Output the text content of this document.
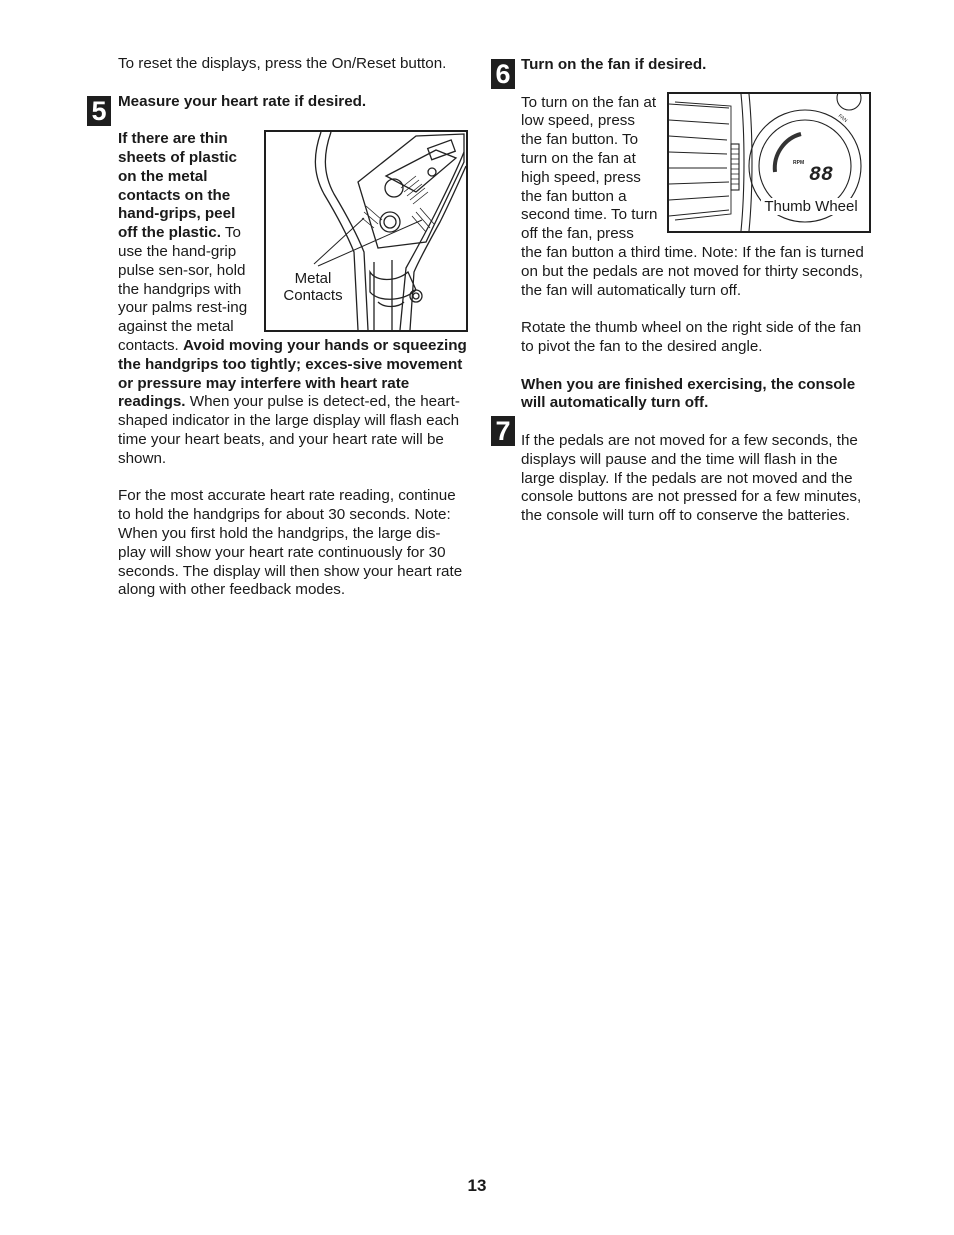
5
6
7

To reset the displays, press the On/Reset button.

Measure your heart rate if desired.

Metal
Contacts

If there are thin sheets of plastic on the metal contacts on the hand-grips, peel off the plastic. To use the hand-grip pulse sen-sor, hold the handgrips with your palms rest-ing against the metal contacts. Avoid moving your hands or squeezing the handgrips too tightly; exces-sive movement or pressure may interfere with heart rate readings. When your pulse is detect-ed, the heart-shaped indicator in the large display will flash each time your heart beats, and your heart rate will be shown.

For the most accurate heart rate reading, continue to hold the handgrips for about 30 seconds. Note: When you first hold the handgrips, the large dis-play will show your heart rate continuously for 30 seconds. The display will then show your heart rate along with other feedback modes.

Turn on the fan if desired.

RPM
88
FAN
Thumb Wheel

To turn on the fan at low speed, press the fan button. To turn on the fan at high speed, press the fan button a second time. To turn off the fan, press the fan button a third time. Note: If the fan is turned on but the pedals are not moved for thirty seconds, the fan will automatically turn off.

Rotate the thumb wheel on the right side of the fan to pivot the fan to the desired angle.

When you are finished exercising, the console will automatically turn off.

If the pedals are not moved for a few seconds, the displays will pause and the time will flash in the large display. If the pedals are not moved and the console buttons are not pressed for a few minutes, the console will turn off to conserve the batteries.

13
